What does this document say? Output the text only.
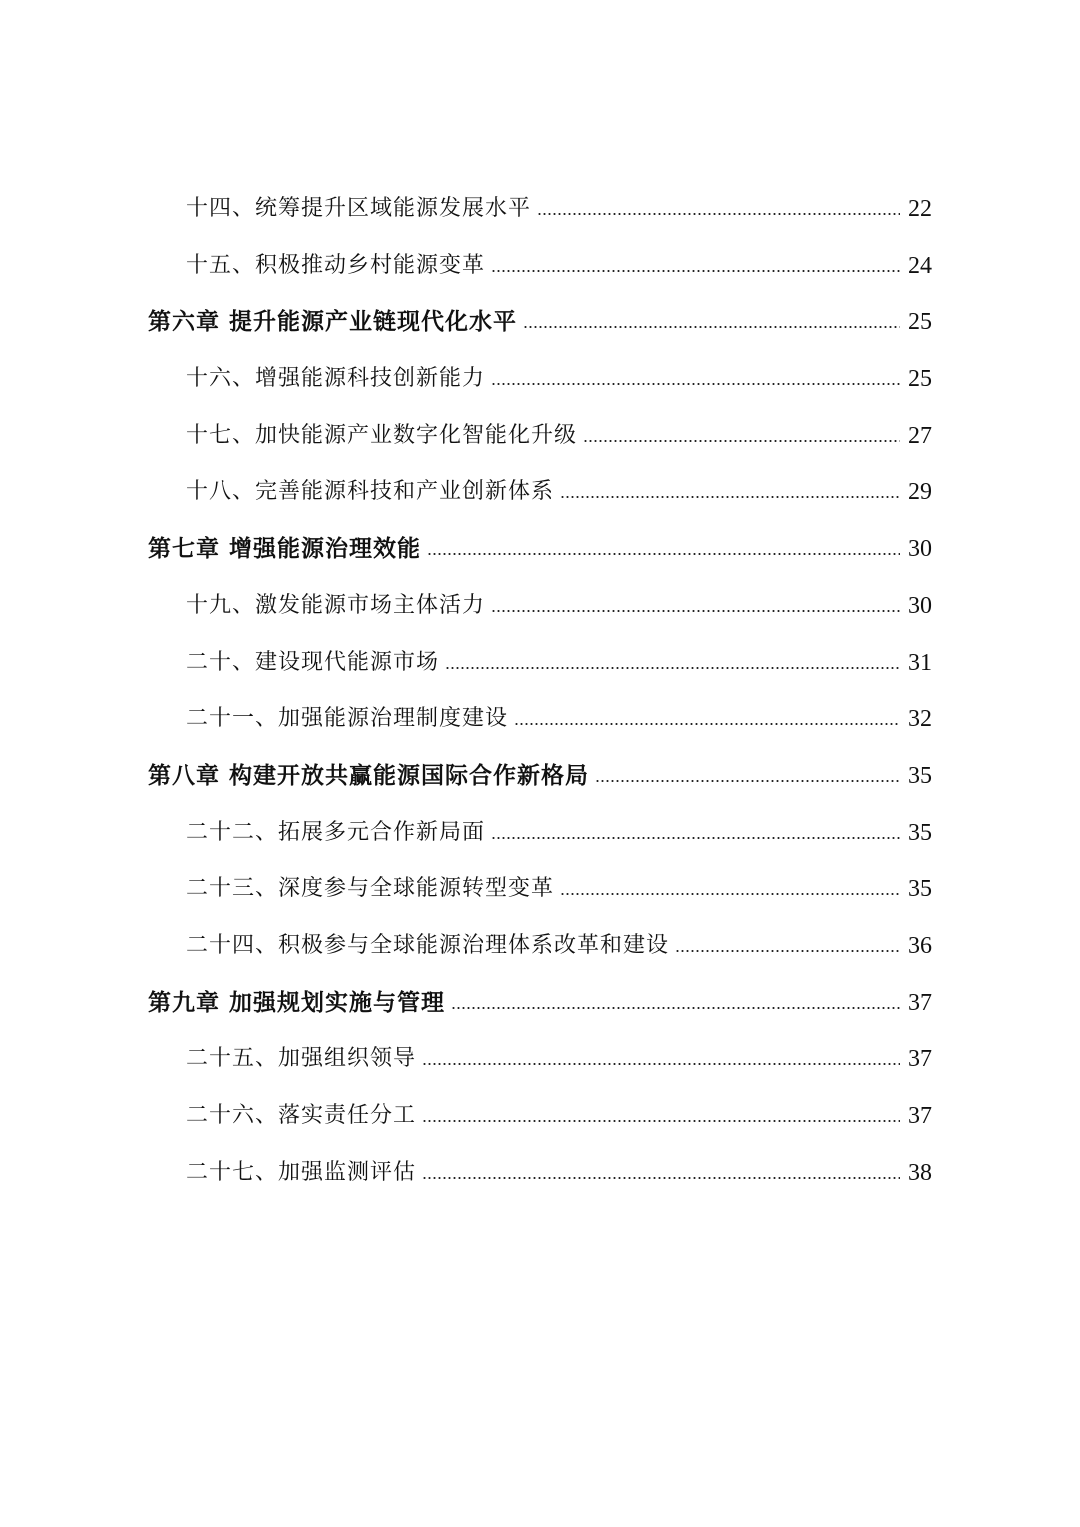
十四、统筹提升区域能源发展水平	22
十五、积极推动乡村能源变革	24
第六章 提升能源产业链现代化水平	25
十六、增强能源科技创新能力	25
十七、加快能源产业数字化智能化升级	27
十八、完善能源科技和产业创新体系	29
第七章 增强能源治理效能	30
十九、激发能源市场主体活力	30
二十、建设现代能源市场	31
二十一、加强能源治理制度建设	32
第八章 构建开放共赢能源国际合作新格局	35
二十二、拓展多元合作新局面	35
二十三、深度参与全球能源转型变革	35
二十四、积极参与全球能源治理体系改革和建设	36
第九章 加强规划实施与管理	37
二十五、加强组织领导	37
二十六、落实责任分工	37
二十七、加强监测评估	38
